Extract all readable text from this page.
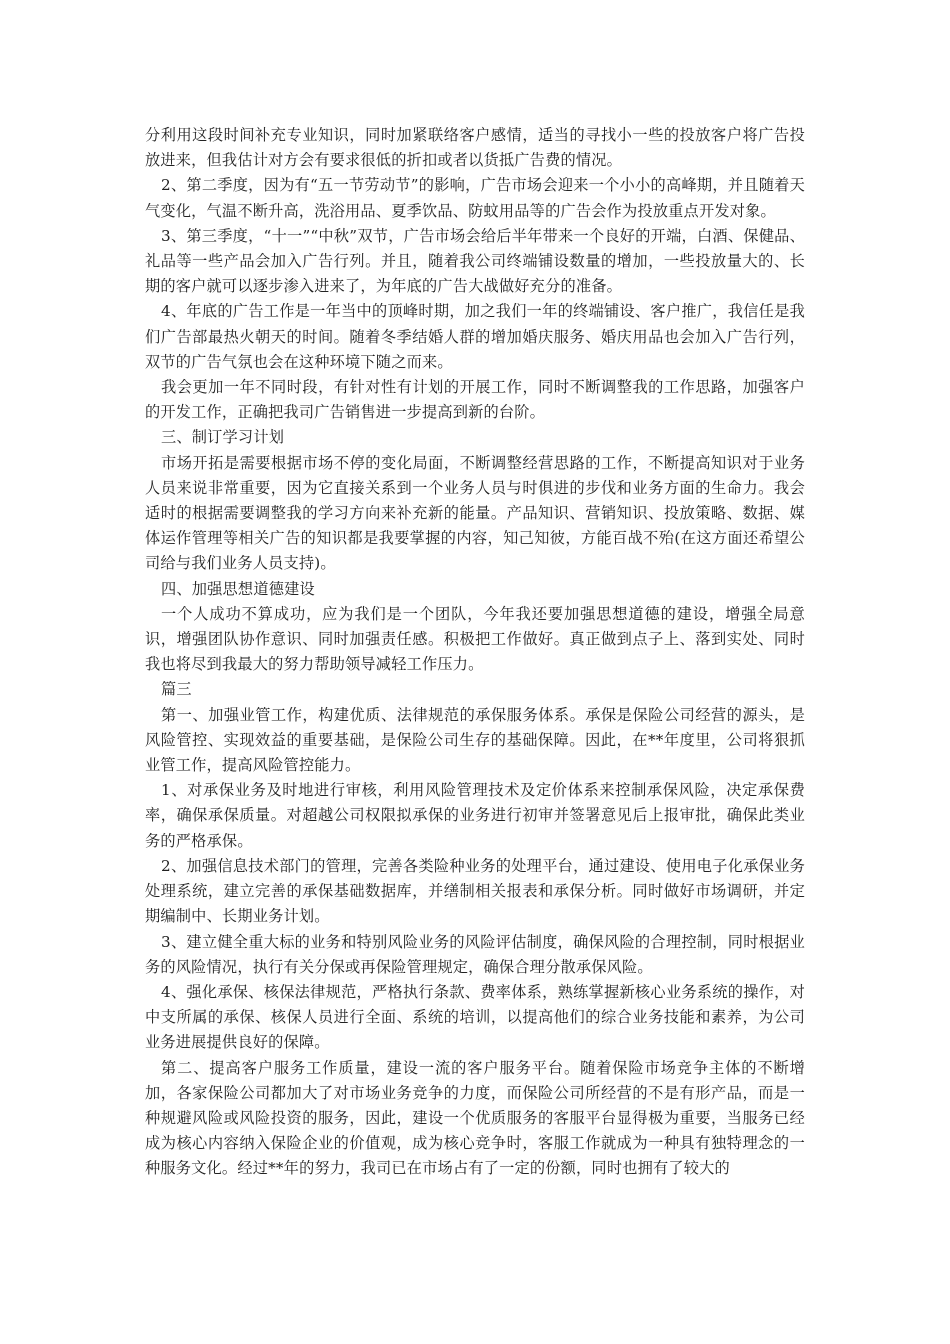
分利用这段时间补充专业知识，同时加紧联络客户感情，适当的寻找小一些的投放客户将广告投放进来，但我估计对方会有要求很低的折扣或者以货抵广告费的情况。

2、第二季度，因为有“五一节劳动节”的影响，广告市场会迎来一个小小的高峰期，并且随着天气变化，气温不断升高，洗浴用品、夏季饮品、防蚊用品等的广告会作为投放重点开发对象。

3、第三季度，“十一”“中秋”双节，广告市场会给后半年带来一个良好的开端，白酒、保健品、礼品等一些产品会加入广告行列。并且，随着我公司终端铺设数量的增加，一些投放量大的、长期的客户就可以逐步渗入进来了，为年底的广告大战做好充分的准备。

4、年底的广告工作是一年当中的顶峰时期，加之我们一年的终端铺设、客户推广，我信任是我们广告部最热火朝天的时间。随着冬季结婚人群的增加婚庆服务、婚庆用品也会加入广告行列，双节的广告气氛也会在这种环境下随之而来。

我会更加一年不同时段，有针对性有计划的开展工作，同时不断调整我的工作思路，加强客户的开发工作，正确把我司广告销售进一步提高到新的台阶。

三、制订学习计划

市场开拓是需要根据市场不停的变化局面，不断调整经营思路的工作，不断提高知识对于业务人员来说非常重要，因为它直接关系到一个业务人员与时俱进的步伐和业务方面的生命力。我会适时的根据需要调整我的学习方向来补充新的能量。产品知识、营销知识、投放策略、数据、媒体运作管理等相关广告的知识都是我要掌握的内容，知己知彼，方能百战不殆(在这方面还希望公司给与我们业务人员支持)。

四、加强思想道德建设

一个人成功不算成功，应为我们是一个团队，今年我还要加强思想道德的建设，增强全局意识，增强团队协作意识、同时加强责任感。积极把工作做好。真正做到点子上、落到实处、同时我也将尽到我最大的努力帮助领导减轻工作压力。

篇三

第一、加强业管工作，构建优质、法律规范的承保服务体系。承保是保险公司经营的源头，是风险管控、实现效益的重要基础，是保险公司生存的基础保障。因此，在**年度里，公司将狠抓业管工作，提高风险管控能力。

1、对承保业务及时地进行审核，利用风险管理技术及定价体系来控制承保风险，决定承保费率，确保承保质量。对超越公司权限拟承保的业务进行初审并签署意见后上报审批，确保此类业务的严格承保。

2、加强信息技术部门的管理，完善各类险种业务的处理平台，通过建设、使用电子化承保业务处理系统，建立完善的承保基础数据库，并缮制相关报表和承保分析。同时做好市场调研，并定期编制中、长期业务计划。

3、建立健全重大标的业务和特别风险业务的风险评估制度，确保风险的合理控制，同时根据业务的风险情况，执行有关分保或再保险管理规定，确保合理分散承保风险。

4、强化承保、核保法律规范，严格执行条款、费率体系，熟练掌握新核心业务系统的操作，对中支所属的承保、核保人员进行全面、系统的培训，以提高他们的综合业务技能和素养，为公司业务进展提供良好的保障。

第二、提高客户服务工作质量，建设一流的客户服务平台。随着保险市场竞争主体的不断增加，各家保险公司都加大了对市场业务竞争的力度，而保险公司所经营的不是有形产品，而是一种规避风险或风险投资的服务，因此，建设一个优质服务的客服平台显得极为重要，当服务已经成为核心内容纳入保险企业的价值观，成为核心竞争时，客服工作就成为一种具有独特理念的一种服务文化。经过**年的努力，我司已在市场占有了一定的份额，同时也拥有了较大的
